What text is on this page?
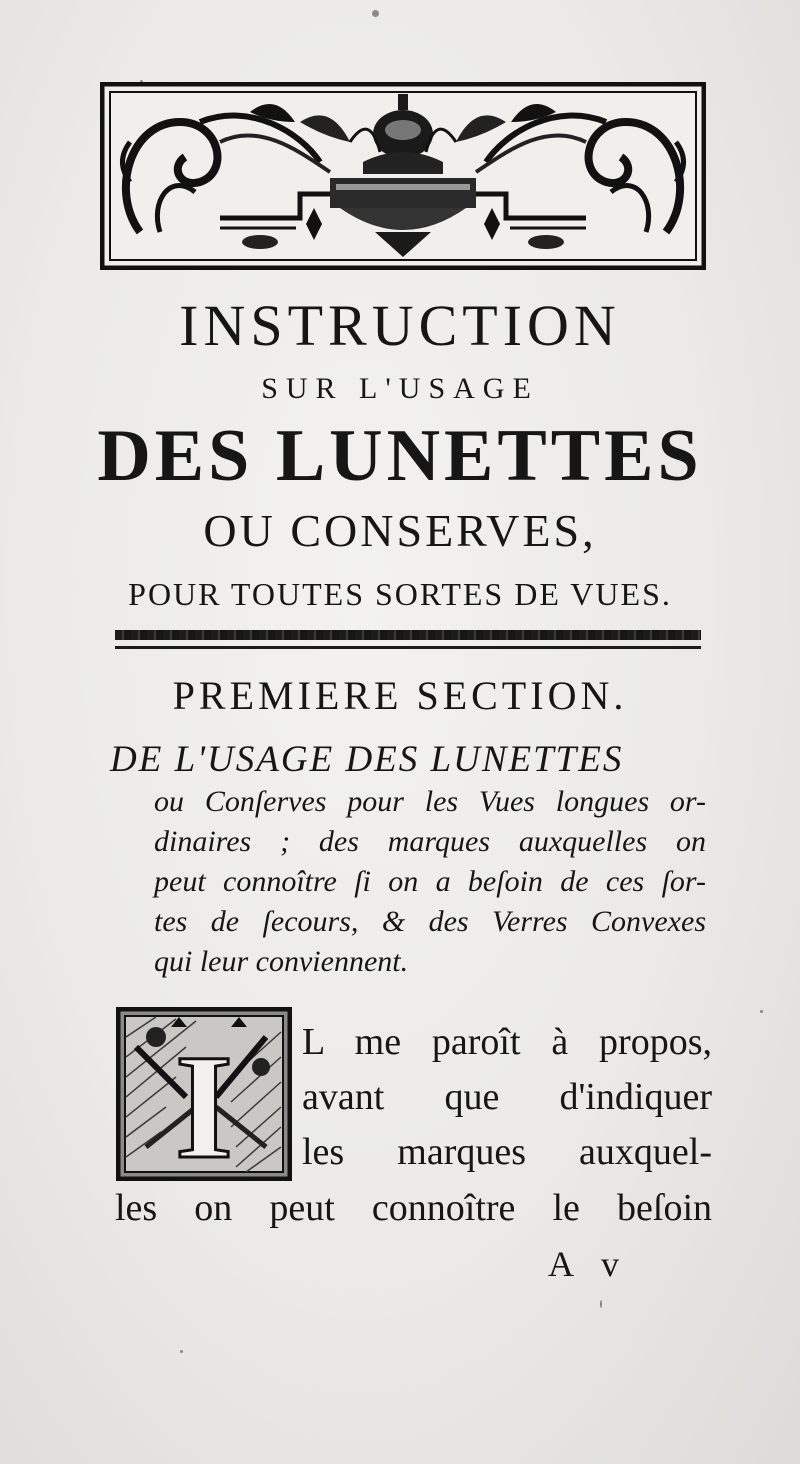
INSTRUCTION
SUR L'USAGE
DES LUNETTES
OU CONSERVES,
POUR TOUTES SORTES DE VUES.
PREMIERE SECTION.
DE L'USAGE DES LUNETTES
ou Conſerves pour les Vues longues or-
dinaires ; des marques auxquelles on
peut connoître ſi on a beſoin de ces ſor-
tes de ſecours, & des Verres Convexes
qui leur conviennent.
I L me paroît à propos,
avant que d'indiquer
les marques auxquel-
les on peut connoître le beſoin
A v
